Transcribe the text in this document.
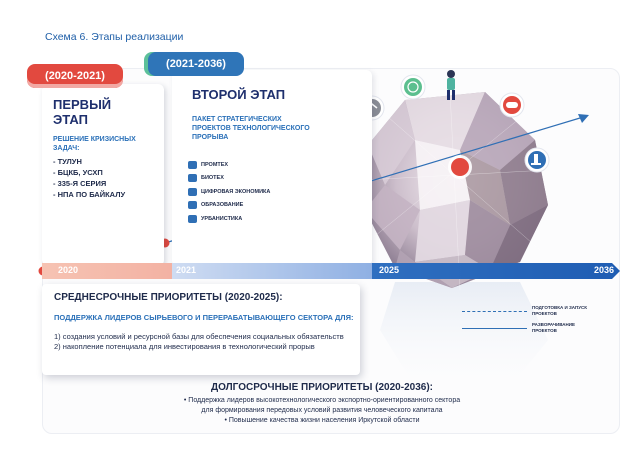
Схема 6. Этапы реализации
(2020-2021)
ПЕРВЫЙ
ЭТАП
РЕШЕНИЕ КРИЗИСНЫХ ЗАДАЧ:
- ТУЛУН
- БЦКБ, УСХП
- 335-Я СЕРИЯ
- НПА ПО БАЙКАЛУ
(2021-2036)
ВТОРОЙ ЭТАП
ПАКЕТ СТРАТЕГИЧЕСКИХ ПРОЕКТОВ ТЕХНОЛОГИЧЕСКОГО ПРОРЫВА
ПРОМТЕХ
БИОТЕХ
ЦИФРОВАЯ ЭКОНОМИКА
ОБРАЗОВАНИЕ
УРБАНИСТИКА
2020	2021	2025	2036
СРЕДНЕСРОЧНЫЕ ПРИОРИТЕТЫ (2020-2025):
ПОДДЕРЖКА ЛИДЕРОВ СЫРЬЕВОГО И ПЕРЕРАБАТЫВАЮЩЕГО СЕКТОРА ДЛЯ:
1) создания условий и ресурсной базы для обеспечения социальных обязательств
2) накопление потенциала для инвестирования в технологический прорыв
ПОДГОТОВКА И ЗАПУСК ПРОЕКТОВ
РАЗВОРАЧИВАНИЕ ПРОЕКТОВ
ДОЛГОСРОЧНЫЕ ПРИОРИТЕТЫ (2020-2036):
• Поддержка лидеров высокотехнологического экспортно-ориентированного сектора
для формирования передовых условий развития человеческого капитала
• Повышение качества жизни населения Иркутской области
